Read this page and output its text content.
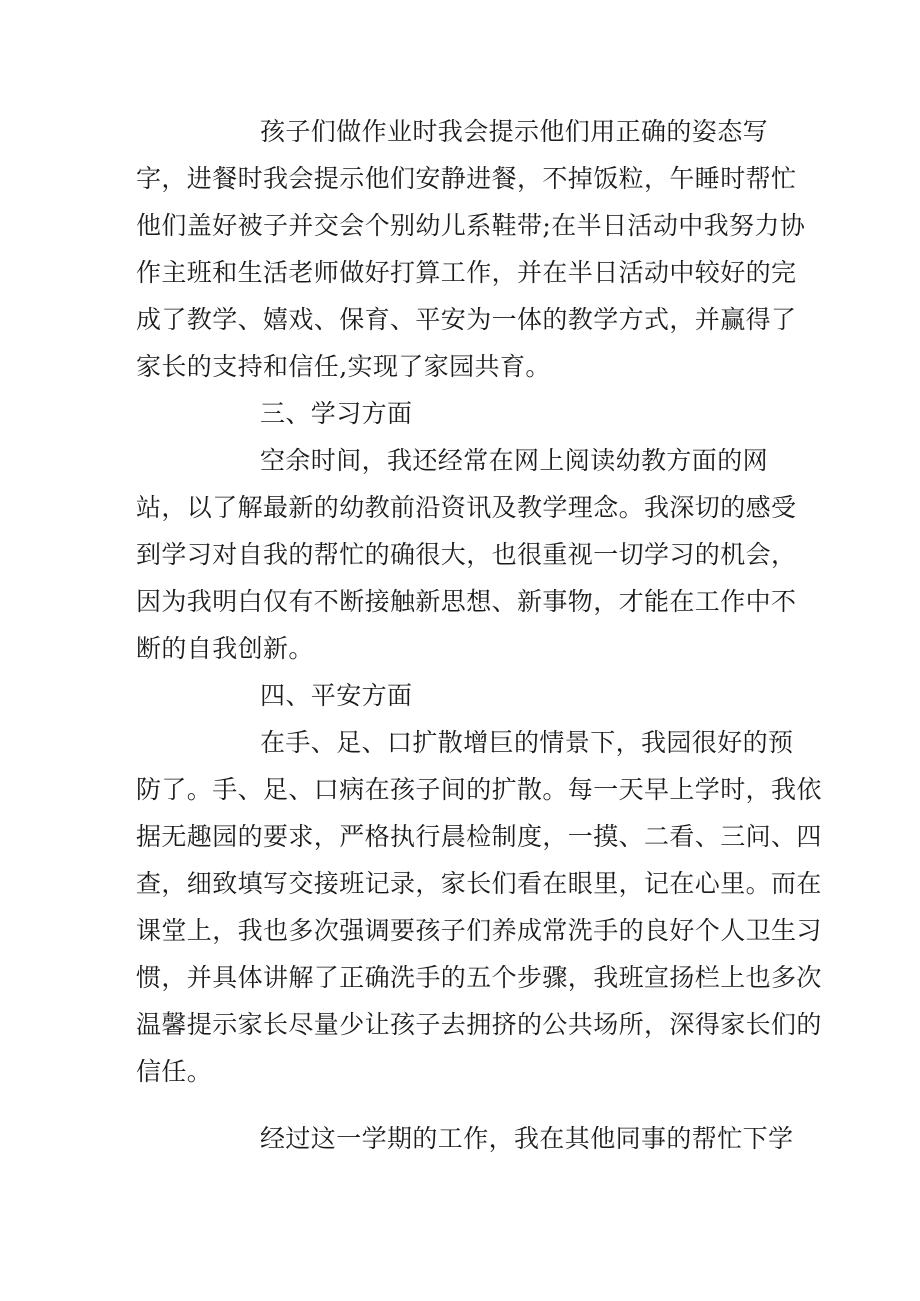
孩子们做作业时我会提示他们用正确的姿态写
字，进餐时我会提示他们安静进餐，不掉饭粒，午睡时帮忙
他们盖好被子并交会个别幼儿系鞋带;在半日活动中我努力协
作主班和生活老师做好打算工作，并在半日活动中较好的完
成了教学、嬉戏、保育、平安为一体的教学方式，并赢得了
家长的支持和信任,实现了家园共育。
三、学习方面
空余时间，我还经常在网上阅读幼教方面的网
站，以了解最新的幼教前沿资讯及教学理念。我深切的感受
到学习对自我的帮忙的确很大，也很重视一切学习的机会，
因为我明白仅有不断接触新思想、新事物，才能在工作中不
断的自我创新。
四、平安方面
在手、足、口扩散增巨的情景下，我园很好的预
防了。手、足、口病在孩子间的扩散。每一天早上学时，我依
据无趣园的要求，严格执行晨检制度，一摸、二看、三问、四
查，细致填写交接班记录，家长们看在眼里，记在心里。而在
课堂上，我也多次强调要孩子们养成常洗手的良好个人卫生习
惯，并具体讲解了正确洗手的五个步骤，我班宣扬栏上也多次
温馨提示家长尽量少让孩子去拥挤的公共场所，深得家长们的
信任。
经过这一学期的工作，我在其他同事的帮忙下学
